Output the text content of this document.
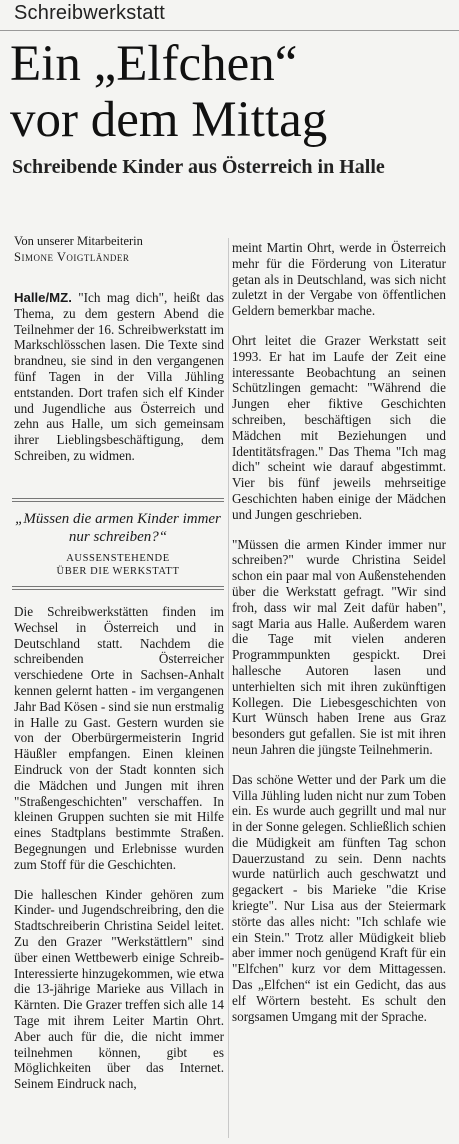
Schreibwerkstatt
Ein „Elfchen“
vor dem Mittag
Schreibende Kinder aus Österreich in Halle
Von unserer Mitarbeiterin
Simone Voigtländer
Halle/MZ. "Ich mag dich", heißt das Thema, zu dem gestern Abend die Teilnehmer der 16. Schreibwerkstatt im Markschlösschen lasen. Die Texte sind brandneu, sie sind in den vergangenen fünf Tagen in der Villa Jühling entstanden. Dort trafen sich elf Kinder und Jugendliche aus Österreich und zehn aus Halle, um sich gemeinsam ihrer Lieblingsbeschäftigung, dem Schreiben, zu widmen.
„Müssen die armen Kinder immer nur schreiben?“
AUSSENSTEHENDE
ÜBER DIE WERKSTATT

Die Schreibwerkstätten finden im Wechsel in Österreich und in Deutschland statt. Nachdem die schreibenden Österreicher verschiedene Orte in Sachsen-Anhalt kennen gelernt hatten - im vergangenen Jahr Bad Kösen - sind sie nun erstmalig in Halle zu Gast. Gestern wurden sie von der Oberbürgermeisterin Ingrid Häußler empfangen. Einen kleinen Eindruck von der Stadt konnten sich die Mädchen und Jungen mit ihren "Straßengeschichten" verschaffen. In kleinen Gruppen suchten sie mit Hilfe eines Stadtplans bestimmte Straßen. Begegnungen und Erlebnisse wurden zum Stoff für die Geschichten.

Die halleschen Kinder gehören zum Kinder- und Jugendschreibring, den die Stadtschreiberin Christina Seidel leitet. Zu den Grazer "Werkstättlern" sind über einen Wettbewerb einige Schreib-Interessierte hinzugekommen, wie etwa die 13-jährige Marieke aus Villach in Kärnten. Die Grazer treffen sich alle 14 Tage mit ihrem Leiter Martin Ohrt. Aber auch für die, die nicht immer teilnehmen können, gibt es Möglichkeiten über das Internet. Seinem Eindruck nach,

meint Martin Ohrt, werde in Österreich mehr für die Förderung von Literatur getan als in Deutschland, was sich nicht zuletzt in der Vergabe von öffentlichen Geldern bemerkbar mache.

Ohrt leitet die Grazer Werkstatt seit 1993. Er hat im Laufe der Zeit eine interessante Beobachtung an seinen Schützlingen gemacht: "Während die Jungen eher fiktive Geschichten schreiben, beschäftigen sich die Mädchen mit Beziehungen und Identitätsfragen." Das Thema "Ich mag dich" scheint wie darauf abgestimmt. Vier bis fünf jeweils mehrseitige Geschichten haben einige der Mädchen und Jungen geschrieben.

"Müssen die armen Kinder immer nur schreiben?" wurde Christina Seidel schon ein paar mal von Außenstehenden über die Werkstatt gefragt. "Wir sind froh, dass wir mal Zeit dafür haben", sagt Maria aus Halle. Außerdem waren die Tage mit vielen anderen Programmpunkten gespickt. Drei hallesche Autoren lasen und unterhielten sich mit ihren zukünftigen Kollegen. Die Liebesgeschichten von Kurt Wünsch haben Irene aus Graz besonders gut gefallen. Sie ist mit ihren neun Jahren die jüngste Teilnehmerin.

Das schöne Wetter und der Park um die Villa Jühling luden nicht nur zum Toben ein. Es wurde auch gegrillt und mal nur in der Sonne gelegen. Schließlich schien die Müdigkeit am fünften Tag schon Dauerzustand zu sein. Denn nachts wurde natürlich auch geschwatzt und gegackert - bis Marieke "die Krise kriegte". Nur Lisa aus der Steiermark störte das alles nicht: "Ich schlafe wie ein Stein." Trotz aller Müdigkeit blieb aber immer noch genügend Kraft für ein "Elfchen" kurz vor dem Mittagessen. Das „Elfchen“ ist ein Gedicht, das aus elf Wörtern besteht. Es schult den sorgsamen Umgang mit der Sprache.
